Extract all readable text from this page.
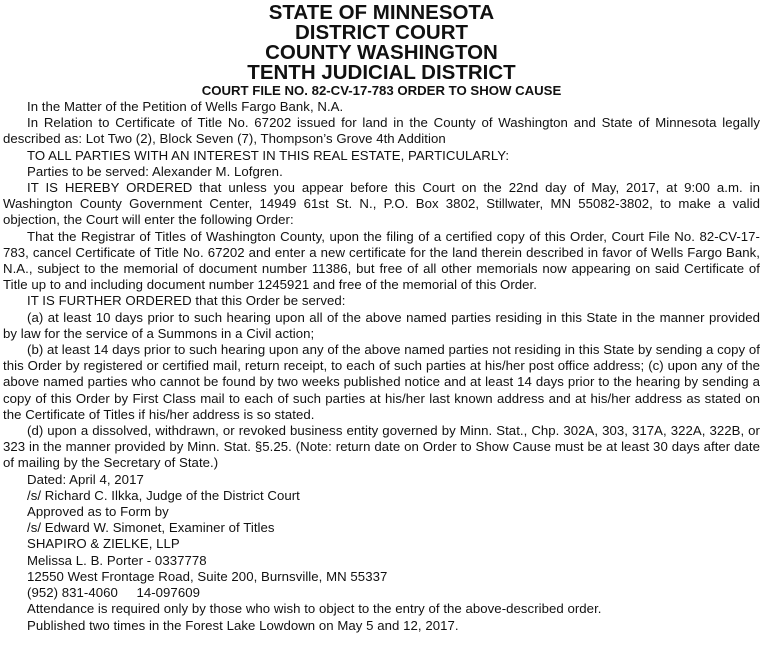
STATE OF MINNESOTA
DISTRICT COURT
COUNTY WASHINGTON
TENTH JUDICIAL DISTRICT
COURT FILE NO. 82-CV-17-783 ORDER TO SHOW CAUSE
In the Matter of the Petition of Wells Fargo Bank, N.A.
In Relation to Certificate of Title No. 67202 issued for land in the County of Washington and State of Minnesota legally described as: Lot Two (2), Block Seven (7), Thompson’s Grove 4th Addition
TO ALL PARTIES WITH AN INTEREST IN THIS REAL ESTATE, PARTICULARLY:
Parties to be served: Alexander M. Lofgren.
IT IS HEREBY ORDERED that unless you appear before this Court on the 22nd day of May, 2017, at 9:00 a.m. in Washington County Government Center, 14949 61st St. N., P.O. Box 3802, Stillwater, MN 55082-3802, to make a valid objection, the Court will enter the following Order:
That the Registrar of Titles of Washington County, upon the filing of a certified copy of this Order, Court File No. 82-CV-17-783, cancel Certificate of Title No. 67202 and enter a new certificate for the land therein described in favor of Wells Fargo Bank, N.A., subject to the memorial of document number 11386, but free of all other memorials now appearing on said Certificate of Title up to and including document number 1245921 and free of the memorial of this Order.
IT IS FURTHER ORDERED that this Order be served:
(a) at least 10 days prior to such hearing upon all of the above named parties residing in this State in the manner provided by law for the service of a Summons in a Civil action;
(b) at least 14 days prior to such hearing upon any of the above named parties not residing in this State by sending a copy of this Order by registered or certified mail, return receipt, to each of such parties at his/her post office address; (c) upon any of the above named parties who cannot be found by two weeks published notice and at least 14 days prior to the hearing by sending a copy of this Order by First Class mail to each of such parties at his/her last known address and at his/her address as stated on the Certificate of Titles if his/her address is so stated.
(d) upon a dissolved, withdrawn, or revoked business entity governed by Minn. Stat., Chp. 302A, 303, 317A, 322A, 322B, or 323 in the manner provided by Minn. Stat. §5.25. (Note: return date on Order to Show Cause must be at least 30 days after date of mailing by the Secretary of State.)
Dated: April 4, 2017
/s/ Richard C. Ilkka, Judge of the District Court
Approved as to Form by
/s/ Edward W. Simonet, Examiner of Titles
SHAPIRO & ZIELKE, LLP
Melissa L. B. Porter - 0337778
12550 West Frontage Road, Suite 200, Burnsville, MN 55337
(952) 831-4060     14-097609
Attendance is required only by those who wish to object to the entry of the above-described order.
Published two times in the Forest Lake Lowdown on May 5 and 12, 2017.
